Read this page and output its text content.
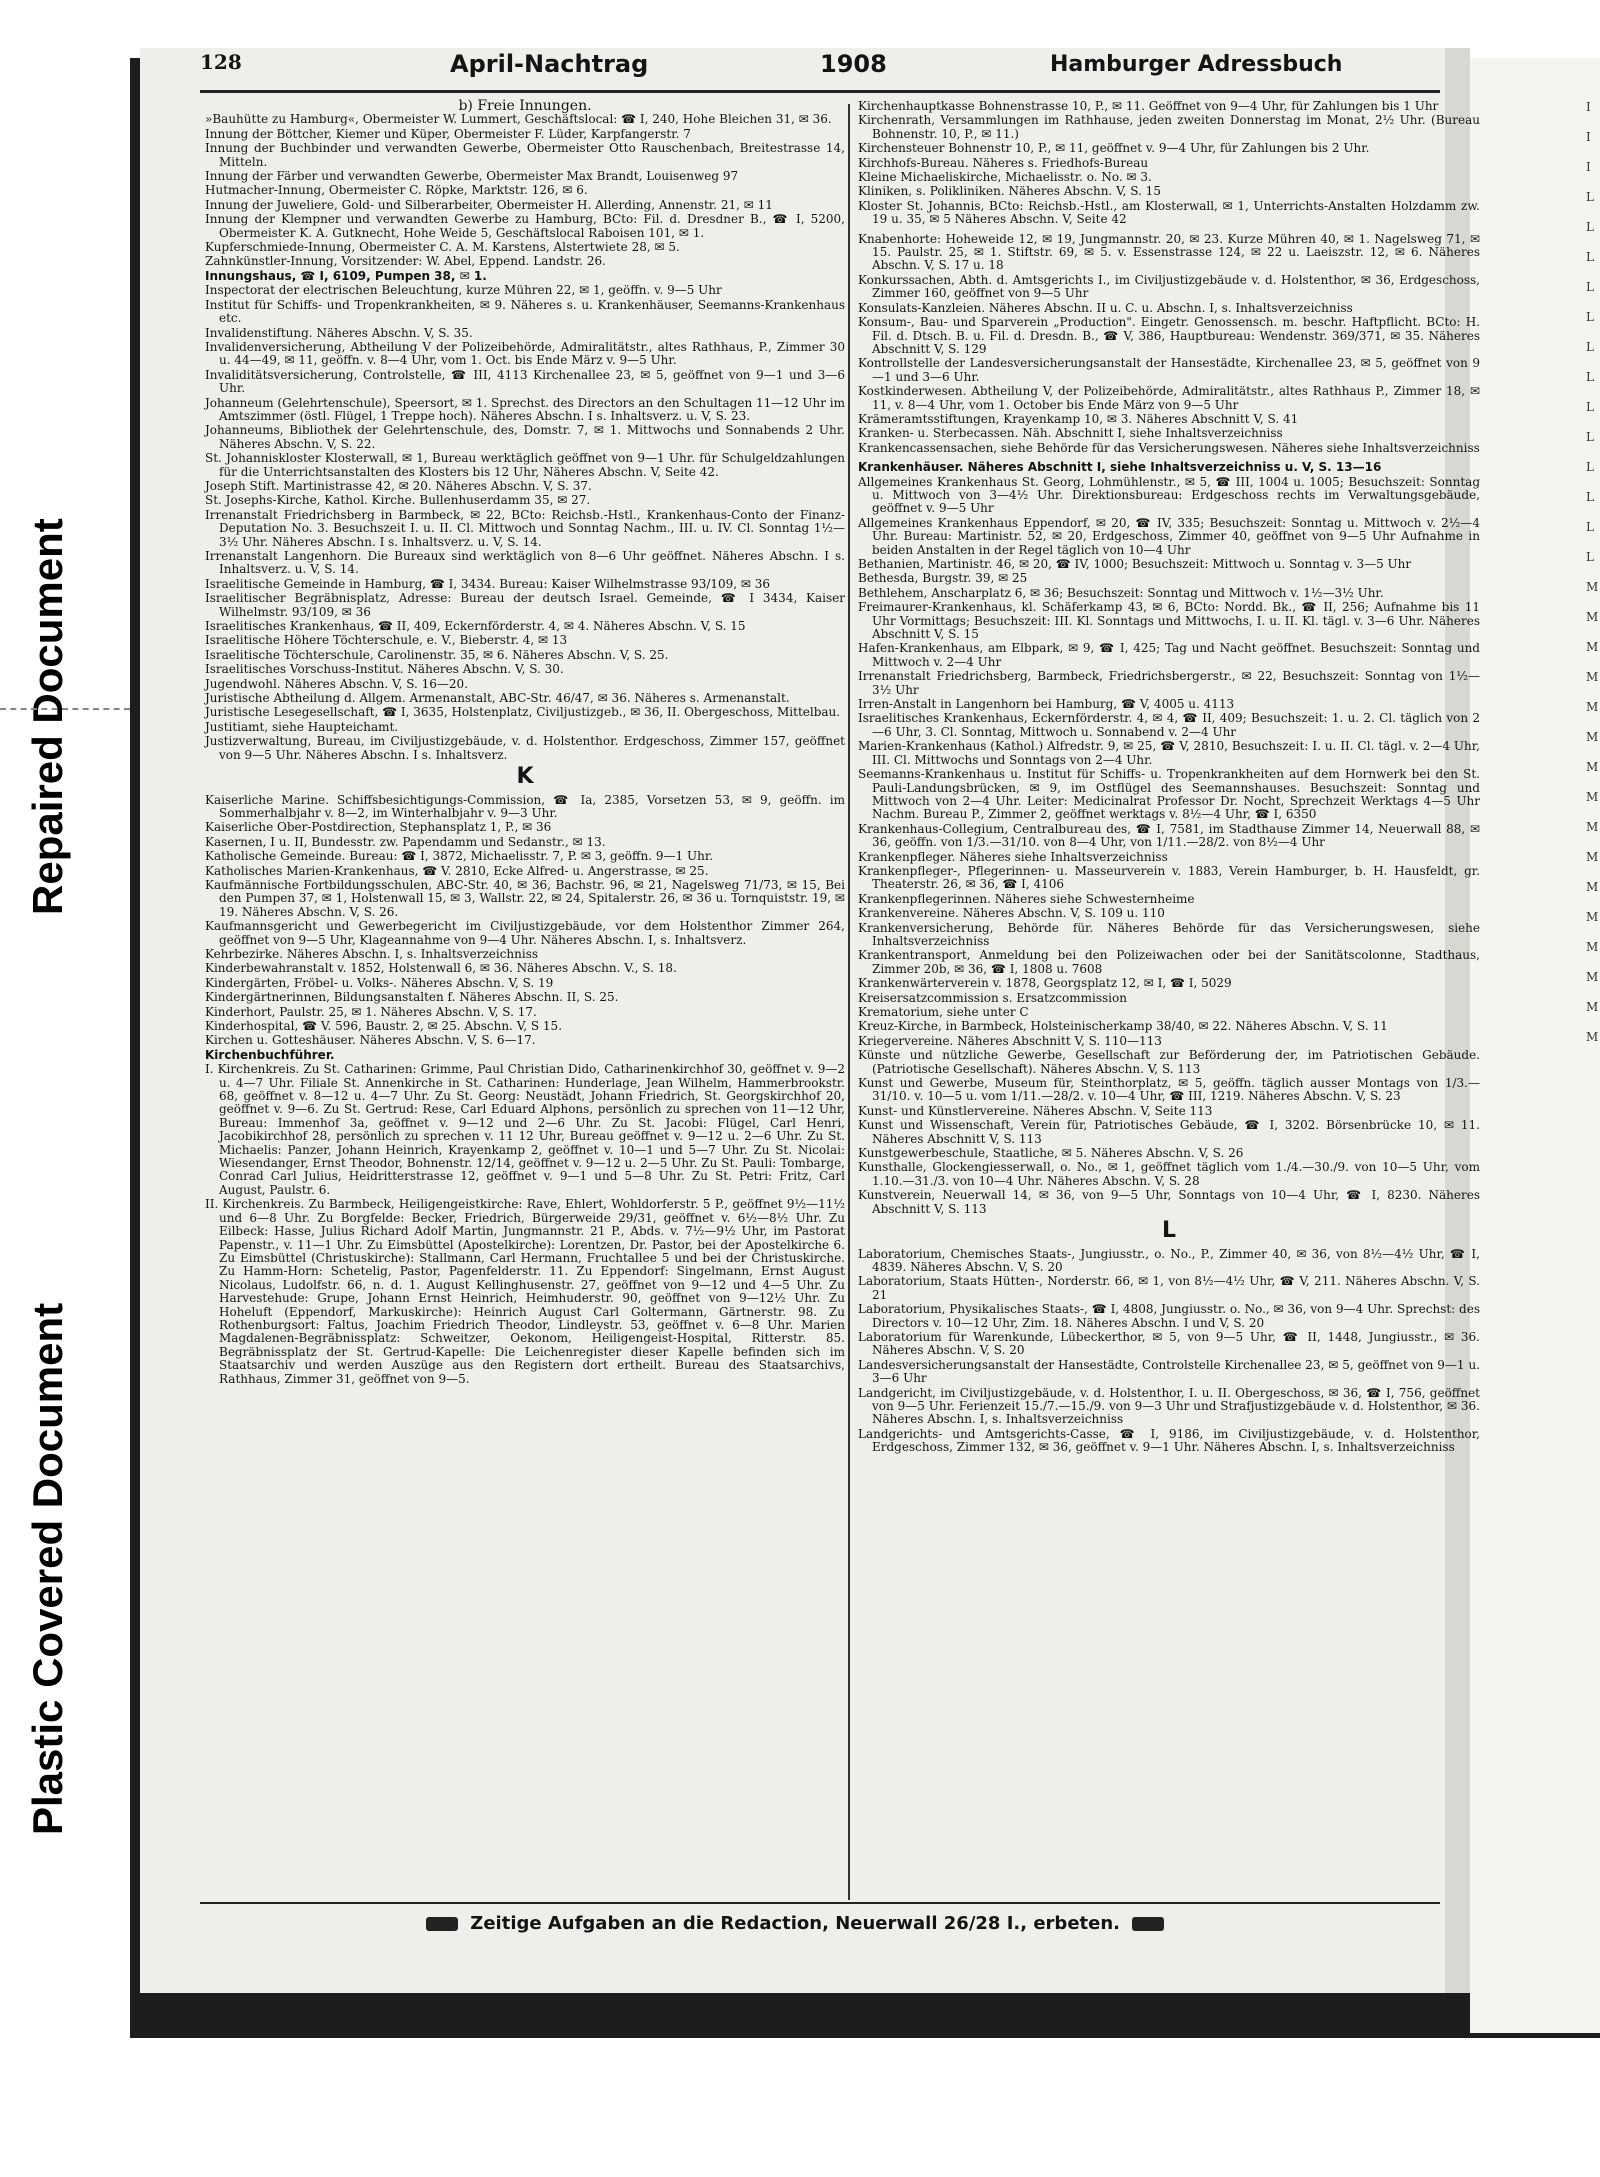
Repaired Document
Plastic Covered Document
128	April-Nachtrag	1908	Hamburger Adressbuch

b) Freie Innungen.

»Bauhütte zu Hamburg«, Obermeister W. Lummert, Geschäftslocal: ☎ I, 240, Hohe Bleichen 31, ✉ 36.

Innung der Böttcher, Kiemer und Küper, Obermeister F. Lüder, Karpfangerstr. 7

Innung der Buchbinder und verwandten Gewerbe, Obermeister Otto Rauschenbach, Breitestrasse 14, Mitteln.

Innung der Färber und verwandten Gewerbe, Obermeister Max Brandt, Louisenweg 97

Hutmacher-Innung, Obermeister C. Röpke, Marktstr. 126, ✉ 6.

Innung der Juweliere, Gold- und Silberarbeiter, Obermeister H. Allerding, Annenstr. 21, ✉ 11

Innung der Klempner und verwandten Gewerbe zu Hamburg, BCto: Fil. d. Dresdner B., ☎ I, 5200, Obermeister K. A. Gutknecht, Hohe Weide 5, Geschäftslocal Raboisen 101, ✉ 1.

Kupferschmiede-Innung, Obermeister C. A. M. Karstens, Alstertwiete 28, ✉ 5.

Zahnkünstler-Innung, Vorsitzender: W. Abel, Eppend. Landstr. 26.

Innungshaus, ☎ I, 6109, Pumpen 38, ✉ 1.

Inspectorat der electrischen Beleuchtung, kurze Mühren 22, ✉ 1, geöffn. v. 9—5 Uhr

Institut für Schiffs- und Tropenkrankheiten, ✉ 9. Näheres s. u. Krankenhäuser, Seemanns-Krankenhaus etc.

Invalidenstiftung. Näheres Abschn. V, S. 35.

Invalidenversicherung, Abtheilung V der Polizeibehörde, Admiralitätstr., altes Rathhaus, P., Zimmer 30 u. 44—49, ✉ 11, geöffn. v. 8—4 Uhr, vom 1. Oct. bis Ende März v. 9—5 Uhr.

Invaliditätsversicherung, Controlstelle, ☎ III, 4113 Kirchenallee 23, ✉ 5, geöffnet von 9—1 und 3—6 Uhr.

Johanneum (Gelehrtenschule), Speersort, ✉ 1. Sprechst. des Directors an den Schultagen 11—12 Uhr im Amtszimmer (östl. Flügel, 1 Treppe hoch). Näheres Abschn. I s. Inhaltsverz. u. V, S. 23.

Johanneums, Bibliothek der Gelehrtenschule, des, Domstr. 7, ✉ 1. Mittwochs und Sonnabends 2 Uhr. Näheres Abschn. V, S. 22.

St. Johanniskloster Klosterwall, ✉ 1, Bureau werktäglich geöffnet von 9—1 Uhr. für Schulgeldzahlungen für die Unterrichtsanstalten des Klosters bis 12 Uhr, Näheres Abschn. V, Seite 42.

Joseph Stift. Martinistrasse 42, ✉ 20. Näheres Abschn. V, S. 37.

St. Josephs-Kirche, Kathol. Kirche. Bullenhuserdamm 35, ✉ 27.

Irrenanstalt Friedrichsberg in Barmbeck, ✉ 22, BCto: Reichsb.-Hstl., Krankenhaus-Conto der Finanz-Deputation No. 3. Besuchszeit I. u. II. Cl. Mittwoch und Sonntag Nachm., III. u. IV. Cl. Sonntag 1½—3½ Uhr. Näheres Abschn. I s. Inhaltsverz. u. V, S. 14.

Irrenanstalt Langenhorn. Die Bureaux sind werktäglich von 8—6 Uhr geöffnet. Näheres Abschn. I s. Inhaltsverz. u. V, S. 14.

Israelitische Gemeinde in Hamburg, ☎ I, 3434. Bureau: Kaiser Wilhelmstrasse 93/109, ✉ 36

Israelitischer Begräbnisplatz, Adresse: Bureau der deutsch Israel. Gemeinde, ☎ I 3434, Kaiser Wilhelmstr. 93/109, ✉ 36

Israelitisches Krankenhaus, ☎ II, 409, Eckernförderstr. 4, ✉ 4. Näheres Abschn. V, S. 15

Israelitische Höhere Töchterschule, e. V., Bieberstr. 4, ✉ 13

Israelitische Töchterschule, Carolinenstr. 35, ✉ 6. Näheres Abschn. V, S. 25.

Israelitisches Vorschuss-Institut. Näheres Abschn. V, S. 30.

Jugendwohl. Näheres Abschn. V, S. 16—20.

Juristische Abtheilung d. Allgem. Armenanstalt, ABC-Str. 46/47, ✉ 36. Näheres s. Armenanstalt.

Juristische Lesegesellschaft, ☎ I, 3635, Holstenplatz, Civiljustizgeb., ✉ 36, II. Obergeschoss, Mittelbau.

Justitiamt, siehe Haupteichamt.

Justizverwaltung, Bureau, im Civiljustizgebäude, v. d. Holstenthor. Erdgeschoss, Zimmer 157, geöffnet von 9—5 Uhr. Näheres Abschn. I s. Inhaltsverz.

K

Kaiserliche Marine. Schiffsbesichtigungs-Commission, ☎ Ia, 2385, Vorsetzen 53, ✉ 9, geöffn. im Sommerhalbjahr v. 8—2, im Winterhalbjahr v. 9—3 Uhr.

Kaiserliche Ober-Postdirection, Stephansplatz 1, P., ✉ 36

Kasernen, I u. II, Bundesstr. zw. Papendamm und Sedanstr., ✉ 13.

Katholische Gemeinde. Bureau: ☎ I, 3872, Michaelisstr. 7, P. ✉ 3, geöffn. 9—1 Uhr.

Katholisches Marien-Krankenhaus, ☎ V. 2810, Ecke Alfred- u. Angerstrasse, ✉ 25.

Kaufmännische Fortbildungsschulen, ABC-Str. 40, ✉ 36, Bachstr. 96, ✉ 21, Nagelsweg 71/73, ✉ 15, Bei den Pumpen 37, ✉ 1, Holstenwall 15, ✉ 3, Wallstr. 22, ✉ 24, Spitalerstr. 26, ✉ 36 u. Tornquiststr. 19, ✉ 19. Näheres Abschn. V, S. 26.

Kaufmannsgericht und Gewerbegericht im Civiljustizgebäude, vor dem Holstenthor Zimmer 264, geöffnet von 9—5 Uhr, Klageannahme von 9—4 Uhr. Näheres Abschn. I, s. Inhaltsverz.

Kehrbezirke. Näheres Abschn. I, s. Inhaltsverzeichniss

Kinderbewahranstalt v. 1852, Holstenwall 6, ✉ 36. Näheres Abschn. V., S. 18.

Kindergärten, Fröbel- u. Volks-. Näheres Abschn. V, S. 19

Kindergärtnerinnen, Bildungsanstalten f. Näheres Abschn. II, S. 25.

Kinderhort, Paulstr. 25, ✉ 1. Näheres Abschn. V, S. 17.

Kinderhospital, ☎ V. 596, Baustr. 2, ✉ 25. Abschn. V, S 15.

Kirchen u. Gotteshäuser. Näheres Abschn. V, S. 6—17.

Kirchenbuchführer.

I. Kirchenkreis. Zu St. Catharinen: Grimme, Paul Christian Dido, Catharinenkirchhof 30, geöffnet v. 9—2 u. 4—7 Uhr. Filiale St. Annenkirche in St. Catharinen: Hunderlage, Jean Wilhelm, Hammerbrookstr. 68, geöffnet v. 8—12 u. 4—7 Uhr. Zu St. Georg: Neustädt, Johann Friedrich, St. Georgskirchhof 20, geöffnet v. 9—6. Zu St. Gertrud: Rese, Carl Eduard Alphons, persönlich zu sprechen von 11—12 Uhr, Bureau: Immenhof 3a, geöffnet v. 9—12 und 2—6 Uhr. Zu St. Jacobi: Flügel, Carl Henri, Jacobikirchhof 28, persönlich zu sprechen v. 11 12 Uhr, Bureau geöffnet v. 9—12 u. 2—6 Uhr. Zu St. Michaelis: Panzer, Johann Heinrich, Krayenkamp 2, geöffnet v. 10—1 und 5—7 Uhr. Zu St. Nicolai: Wiesendanger, Ernst Theodor, Bohnenstr. 12/14, geöffnet v. 9—12 u. 2—5 Uhr. Zu St. Pauli: Tombarge, Conrad Carl Julius, Heidritterstrasse 12, geöffnet v. 9—1 und 5—8 Uhr. Zu St. Petri: Fritz, Carl August, Paulstr. 6.

II. Kirchenkreis. Zu Barmbeck, Heiligengeistkirche: Rave, Ehlert, Wohldorferstr. 5 P., geöffnet 9½—11½ und 6—8 Uhr. Zu Borgfelde: Becker, Friedrich, Bürgerweide 29/31, geöffnet v. 6½—8½ Uhr. Zu Eilbeck: Hasse, Julius Richard Adolf Martin, Jungmannstr. 21 P., Abds. v. 7½—9½ Uhr, im Pastorat Papenstr., v. 11—1 Uhr. Zu Eimsbüttel (Apostelkirche): Lorentzen, Dr. Pastor, bei der Apostelkirche 6. Zu Eimsbüttel (Christuskirche): Stallmann, Carl Hermann, Fruchtallee 5 und bei der Christuskirche. Zu Hamm-Horn: Schetelig, Pastor, Pagenfelderstr. 11. Zu Eppendorf: Singelmann, Ernst August Nicolaus, Ludolfstr. 66, n. d. 1. August Kellinghusenstr. 27, geöffnet von 9—12 und 4—5 Uhr. Zu Harvestehude: Grupe, Johann Ernst Heinrich, Heimhuderstr. 90, geöffnet von 9—12½ Uhr. Zu Hoheluft (Eppendorf, Markuskirche): Heinrich August Carl Goltermann, Gärtnerstr. 98. Zu Rothenburgsort: Faltus, Joachim Friedrich Theodor, Lindleystr. 53, geöffnet v. 6—8 Uhr. Marien Magdalenen-Begräbnissplatz: Schweitzer, Oekonom, Heiligengeist-Hospital, Ritterstr. 85. Begräbnissplatz der St. Gertrud-Kapelle: Die Leichenregister dieser Kapelle befinden sich im Staatsarchiv und werden Auszüge aus den Registern dort ertheilt. Bureau des Staatsarchivs, Rathhaus, Zimmer 31, geöffnet von 9—5.

Kirchenhauptkasse Bohnenstrasse 10, P., ✉ 11. Geöffnet von 9—4 Uhr, für Zahlungen bis 1 Uhr

Kirchenrath, Versammlungen im Rathhause, jeden zweiten Donnerstag im Monat, 2½ Uhr. (Bureau Bohnenstr. 10, P., ✉ 11.)

Kirchensteuer Bohnenstr 10, P., ✉ 11, geöffnet v. 9—4 Uhr, für Zahlungen bis 2 Uhr.

Kirchhofs-Bureau. Näheres s. Friedhofs-Bureau

Kleine Michaeliskirche, Michaelisstr. o. No. ✉ 3.

Kliniken, s. Polikliniken. Näheres Abschn. V, S. 15

Kloster St. Johannis, BCto: Reichsb.-Hstl., am Klosterwall, ✉ 1, Unterrichts-Anstalten Holzdamm zw. 19 u. 35, ✉ 5 Näheres Abschn. V, Seite 42

Knabenhorte: Hoheweide 12, ✉ 19, Jungmannstr. 20, ✉ 23. Kurze Mühren 40, ✉ 1. Nagelsweg 71, ✉ 15. Paulstr. 25, ✉ 1. Stiftstr. 69, ✉ 5. v. Essenstrasse 124, ✉ 22 u. Laeiszstr. 12, ✉ 6. Näheres Abschn. V, S. 17 u. 18

Konkurssachen, Abth. d. Amtsgerichts I., im Civiljustizgebäude v. d. Holstenthor, ✉ 36, Erdgeschoss, Zimmer 160, geöffnet von 9—5 Uhr

Konsulats-Kanzleien. Näheres Abschn. II u. C. u. Abschn. I, s. Inhaltsverzeichniss

Konsum-, Bau- und Sparverein „Production". Eingetr. Genossensch. m. beschr. Haftpflicht. BCto: H. Fil. d. Dtsch. B. u. Fil. d. Dresdn. B., ☎ V, 386, Hauptbureau: Wendenstr. 369/371, ✉ 35. Näheres Abschnitt V, S. 129

Kontrollstelle der Landesversicherungsanstalt der Hansestädte, Kirchenallee 23, ✉ 5, geöffnet von 9—1 und 3—6 Uhr.

Kostkinderwesen. Abtheilung V, der Polizeibehörde, Admiralitätstr., altes Rathhaus P., Zimmer 18, ✉ 11, v. 8—4 Uhr, vom 1. October bis Ende März von 9—5 Uhr

Krämeramtsstiftungen, Krayenkamp 10, ✉ 3. Näheres Abschnitt V, S. 41

Kranken- u. Sterbecassen. Näh. Abschnitt I, siehe Inhaltsverzeichniss

Krankencassensachen, siehe Behörde für das Versicherungswesen. Näheres siehe Inhaltsverzeichniss

Krankenhäuser. Näheres Abschnitt I, siehe Inhaltsverzeichniss u. V, S. 13—16

Allgemeines Krankenhaus St. Georg, Lohmühlenstr., ✉ 5, ☎ III, 1004 u. 1005; Besuchszeit: Sonntag u. Mittwoch von 3—4½ Uhr. Direktionsbureau: Erdgeschoss rechts im Verwaltungsgebäude, geöffnet v. 9—5 Uhr

Allgemeines Krankenhaus Eppendorf, ✉ 20, ☎ IV, 335; Besuchszeit: Sonntag u. Mittwoch v. 2½—4 Uhr. Bureau: Martinistr. 52, ✉ 20, Erdgeschoss, Zimmer 40, geöffnet von 9—5 Uhr Aufnahme in beiden Anstalten in der Regel täglich von 10—4 Uhr

Bethanien, Martinistr. 46, ✉ 20, ☎ IV, 1000; Besuchszeit: Mittwoch u. Sonntag v. 3—5 Uhr

Bethesda, Burgstr. 39, ✉ 25

Bethlehem, Anscharplatz 6, ✉ 36; Besuchszeit: Sonntag und Mittwoch v. 1½—3½ Uhr.

Freimaurer-Krankenhaus, kl. Schäferkamp 43, ✉ 6, BCto: Nordd. Bk., ☎ II, 256; Aufnahme bis 11 Uhr Vormittags; Besuchszeit: III. Kl. Sonntags und Mittwochs, I. u. II. Kl. tägl. v. 3—6 Uhr. Näheres Abschnitt V, S. 15

Hafen-Krankenhaus, am Elbpark, ✉ 9, ☎ I, 425; Tag und Nacht geöffnet. Besuchszeit: Sonntag und Mittwoch v. 2—4 Uhr

Irrenanstalt Friedrichsberg, Barmbeck, Friedrichsbergerstr., ✉ 22, Besuchszeit: Sonntag von 1½—3½ Uhr

Irren-Anstalt in Langenhorn bei Hamburg, ☎ V, 4005 u. 4113

Israelitisches Krankenhaus, Eckernförderstr. 4, ✉ 4, ☎ II, 409; Besuchszeit: 1. u. 2. Cl. täglich von 2—6 Uhr, 3. Cl. Sonntag, Mittwoch u. Sonnabend v. 2—4 Uhr

Marien-Krankenhaus (Kathol.) Alfredstr. 9, ✉ 25, ☎ V, 2810, Besuchszeit: I. u. II. Cl. tägl. v. 2—4 Uhr, III. Cl. Mittwochs und Sonntags von 2—4 Uhr.

Seemanns-Krankenhaus u. Institut für Schiffs- u. Tropenkrankheiten auf dem Hornwerk bei den St. Pauli-Landungsbrücken, ✉ 9, im Ostflügel des Seemannshauses. Besuchszeit: Sonntag und Mittwoch von 2—4 Uhr. Leiter: Medicinalrat Professor Dr. Nocht, Sprechzeit Werktags 4—5 Uhr Nachm. Bureau P., Zimmer 2, geöffnet werktags v. 8½—4 Uhr, ☎ I, 6350

Krankenhaus-Collegium, Centralbureau des, ☎ I, 7581, im Stadthause Zimmer 14, Neuerwall 88, ✉ 36, geöffn. von 1/3.—31/10. von 8—4 Uhr, von 1/11.—28/2. von 8½—4 Uhr

Krankenpfleger. Näheres siehe Inhaltsverzeichniss

Krankenpfleger-, Pflegerinnen- u. Masseurverein v. 1883, Verein Hamburger, b. H. Hausfeldt, gr. Theaterstr. 26, ✉ 36, ☎ I, 4106

Krankenpflegerinnen. Näheres siehe Schwesternheime

Krankenvereine. Näheres Abschn. V, S. 109 u. 110

Krankenversicherung, Behörde für. Näheres Behörde für das Versicherungswesen, siehe Inhaltsverzeichniss

Krankentransport, Anmeldung bei den Polizeiwachen oder bei der Sanitätscolonne, Stadthaus, Zimmer 20b, ✉ 36, ☎ I, 1808 u. 7608

Krankenwärterverein v. 1878, Georgsplatz 12, ✉ I, ☎ I, 5029

Kreisersatzcommission s. Ersatzcommission

Krematorium, siehe unter C

Kreuz-Kirche, in Barmbeck, Holsteinischerkamp 38/40, ✉ 22. Näheres Abschn. V, S. 11

Kriegervereine. Näheres Abschnitt V, S. 110—113

Künste und nützliche Gewerbe, Gesellschaft zur Beförderung der, im Patriotischen Gebäude. (Patriotische Gesellschaft). Näheres Abschn. V, S. 113

Kunst und Gewerbe, Museum für, Steinthorplatz, ✉ 5, geöffn. täglich ausser Montags von 1/3.—31/10. v. 10—5 u. vom 1/11.—28/2. v. 10—4 Uhr, ☎ III, 1219. Näheres Abschn. V, S. 23

Kunst- und Künstlervereine. Näheres Abschn. V, Seite 113

Kunst und Wissenschaft, Verein für, Patriotisches Gebäude, ☎ I, 3202. Börsenbrücke 10, ✉ 11. Näheres Abschnitt V, S. 113

Kunstgewerbeschule, Staatliche, ✉ 5. Näheres Abschn. V, S. 26

Kunsthalle, Glockengiesserwall, o. No., ✉ 1, geöffnet täglich vom 1./4.—30./9. von 10—5 Uhr, vom 1.10.—31./3. von 10—4 Uhr. Näheres Abschn. V, S. 28

Kunstverein, Neuerwall 14, ✉ 36, von 9—5 Uhr, Sonntags von 10—4 Uhr, ☎ I, 8230. Näheres Abschnitt V, S. 113

L

Laboratorium, Chemisches Staats-, Jungiusstr., o. No., P., Zimmer 40, ✉ 36, von 8½—4½ Uhr, ☎ I, 4839. Näheres Abschn. V, S. 20

Laboratorium, Staats Hütten-, Norderstr. 66, ✉ 1, von 8½—4½ Uhr, ☎ V, 211. Näheres Abschn. V, S. 21

Laboratorium, Physikalisches Staats-, ☎ I, 4808, Jungiusstr. o. No., ✉ 36, von 9—4 Uhr. Sprechst: des Directors v. 10—12 Uhr, Zim. 18. Näheres Abschn. I und V, S. 20

Laboratorium für Warenkunde, Lübeckerthor, ✉ 5, von 9—5 Uhr, ☎ II, 1448, Jungiusstr., ✉ 36. Näheres Abschn. V, S. 20

Landesversicherungsanstalt der Hansestädte, Controlstelle Kirchenallee 23, ✉ 5, geöffnet von 9—1 u. 3—6 Uhr

Landgericht, im Civiljustizgebäude, v. d. Holstenthor, I. u. II. Obergeschoss, ✉ 36, ☎ I, 756, geöffnet von 9—5 Uhr. Ferienzeit 15./7.—15./9. von 9—3 Uhr und Strafjustizgebäude v. d. Holstenthor, ✉ 36. Näheres Abschn. I, s. Inhaltsverzeichniss

Landgerichts- und Amtsgerichts-Casse, ☎ I, 9186, im Civiljustizgebäude, v. d. Holstenthor, Erdgeschoss, Zimmer 132, ✉ 36, geöffnet v. 9—1 Uhr. Näheres Abschn. I, s. Inhaltsverzeichniss

Zeitige Aufgaben an die Redaction, Neuerwall 26/28 I., erbeten.
I
I
I
L
L
L
L
L
L
L
L
L
L
L
L
L
M
M
M
M
M
M
M
M
M
M
M
M
M
M
M
M
